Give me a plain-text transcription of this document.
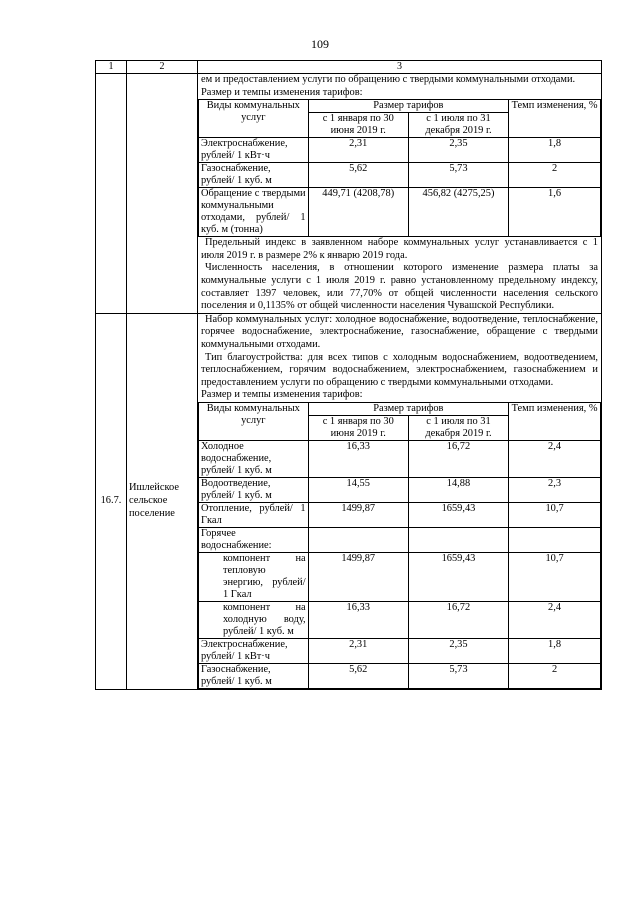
109
1	2	3

ем и предоставлением услуги по обращению с твердыми коммунальными отходами.
Размер и темпы изменения тарифов:
Виды коммунальных услуг	Размер тарифов	Темп изменения, %
с 1 января по 30 июня 2019 г.	с 1 июля по 31 декабря 2019 г.
Электроснабжение, рублей/ 1 кВт·ч	2,31	2,35	1,8
Газоснабжение, рублей/ 1 куб. м	5,62	5,73	2
Обращение с твердыми коммунальными отходами, рублей/ 1 куб. м (тонна)	449,71 (4208,78)	456,82 (4275,25)	1,6

Предельный индекс в заявленном наборе коммунальных услуг устанавливается с 1 июля 2019 г. в размере 2% к январю 2019 года.

Численность населения, в отношении которого изменение размера платы за коммунальные услуги с 1 июля 2019 г. равно установленному предельному индексу, составляет 1397 человек, или 77,70% от общей численности населения сельского поселения и 0,1135% от общей численности населения Чувашской Республики.

16.7.	Ишлейское сельское поселение	

Набор коммунальных услуг: холодное водоснабжение, водоотведение, теплоснабжение, горячее водоснабжение, электроснабжение, газоснабжение, обращение с твердыми коммунальными отходами.

Тип благоустройства: для всех типов с холодным водоснабжением, водоотведением, теплоснабжением, горячим водоснабжением, электроснабжением, газоснабжением и предоставлением услуги по обращению с твердыми коммунальными отходами.

Размер и темпы изменения тарифов:
Виды коммунальных услуг	Размер тарифов	Темп изменения, %
с 1 января по 30 июня 2019 г.	с 1 июля по 31 декабря 2019 г.
Холодное водоснабжение, рублей/ 1 куб. м	16,33	16,72	2,4
Водоотведение, рублей/ 1 куб. м	14,55	14,88	2,3
Отопление, рублей/ 1 Гкал	1499,87	1659,43	10,7
Горячее водоснабжение:			
компонент на тепловую энергию, рублей/ 1 Гкал	1499,87	1659,43	10,7
компонент на холодную воду, рублей/ 1 куб. м	16,33	16,72	2,4
Электроснабжение, рублей/ 1 кВт·ч	2,31	2,35	1,8
Газоснабжение, рублей/ 1 куб. м	5,62	5,73	2
